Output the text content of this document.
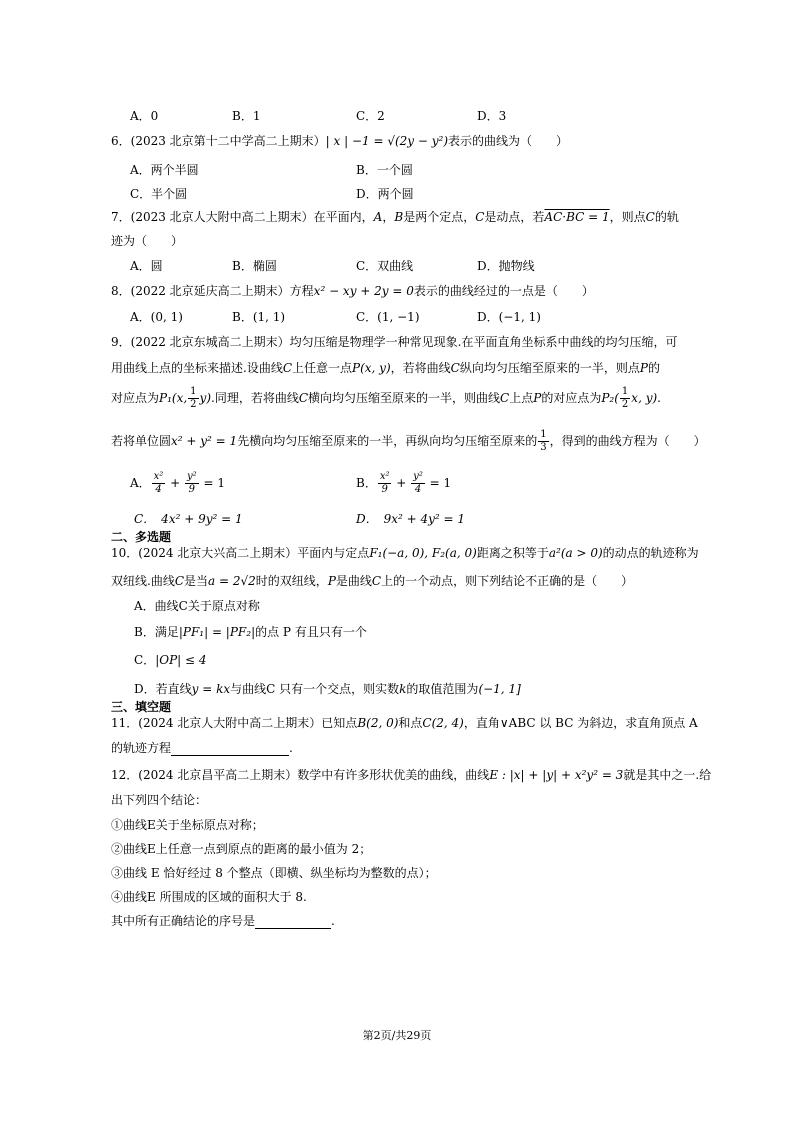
A．0	B．1	C．2	D．3
6．(2023 北京第十二中学高二上期末）| x | −1 = √(2y − y²)表示的曲线为（　　）
A．两个半圆	B．一个圆
C．半个圆	D．两个圆
7．(2023 北京人大附中高二上期末）在平面内，A，B是两个定点，C是动点，若AC·BC = 1，则点C的轨
迹为（　　）
A．圆	B．椭圆	C．双曲线	D．抛物线
8．(2022 北京延庆高二上期末）方程x² − xy + 2y = 0表示的曲线经过的一点是（　　）
A．(0, 1)	B．(1, 1)	C．(1, −1)	D．(−1, 1)
9．(2022 北京东城高二上期末）均匀压缩是物理学一种常见现象.在平面直角坐标系中曲线的均匀压缩，可
用曲线上点的坐标来描述.设曲线C上任意一点P(x, y)，若将曲线C纵向均匀压缩至原来的一半，则点P的
对应点为P₁(x, $\frac{1}{2} y$).同理，若将曲线C横向均匀压缩至原来的一半，则曲线C上点P的对应点为$P_2( \frac{1}{2} x$, y).
若将单位圆x² + y² = 1先横向均匀压缩至原来的一半，再纵向均匀压缩至原来的 $\frac{1}{3}$ ，得到的曲线方程为（　　）
A． $\frac{\text{x²}}{4} + \frac{\text{y²}}{9} = 1$	B． $\frac{\text{x²}}{9} + \frac{\text{y²}}{4} = 1$
C．　4x² + 9y² = 1	D．　9x² + 4y² = 1
二、多选题
10．(2024 北京大兴高二上期末）平面内与定点F₁(−a, 0), F₂(a, 0)距离之积等于a²(a > 0)的动点的轨迹称为
双纽线.曲线C是当a = 2√2时的双纽线，P是曲线C上的一个动点，则下列结论不正确的是（　　）
A．曲线C关于原点对称
B．满足|PF₁| = |PF₂|的点 P 有且只有一个
C．|OP| ≤ 4
D．若直线y = kx与曲线C 只有一个交点，则实数k的取值范围为(−1, 1]
三、填空题
11．(2024 北京人大附中高二上期末）已知点B(2, 0)和点C(2, 4)，直角∨ABC 以 BC 为斜边，求直角顶点 A
的轨迹方程	.
12．(2024 北京昌平高二上期末）数学中有许多形状优美的曲线，曲线E : |x| + |y| + x²y² = 3就是其中之一.给
出下列四个结论：
①曲线E关于坐标原点对称；
②曲线E上任意一点到原点的距离的最小值为 2；
③曲线 E 恰好经过 8 个整点（即横、纵坐标均为整数的点）；
④曲线E 所围成的区域的面积大于 8.
其中所有正确结论的序号是	.
第2页/共29页
